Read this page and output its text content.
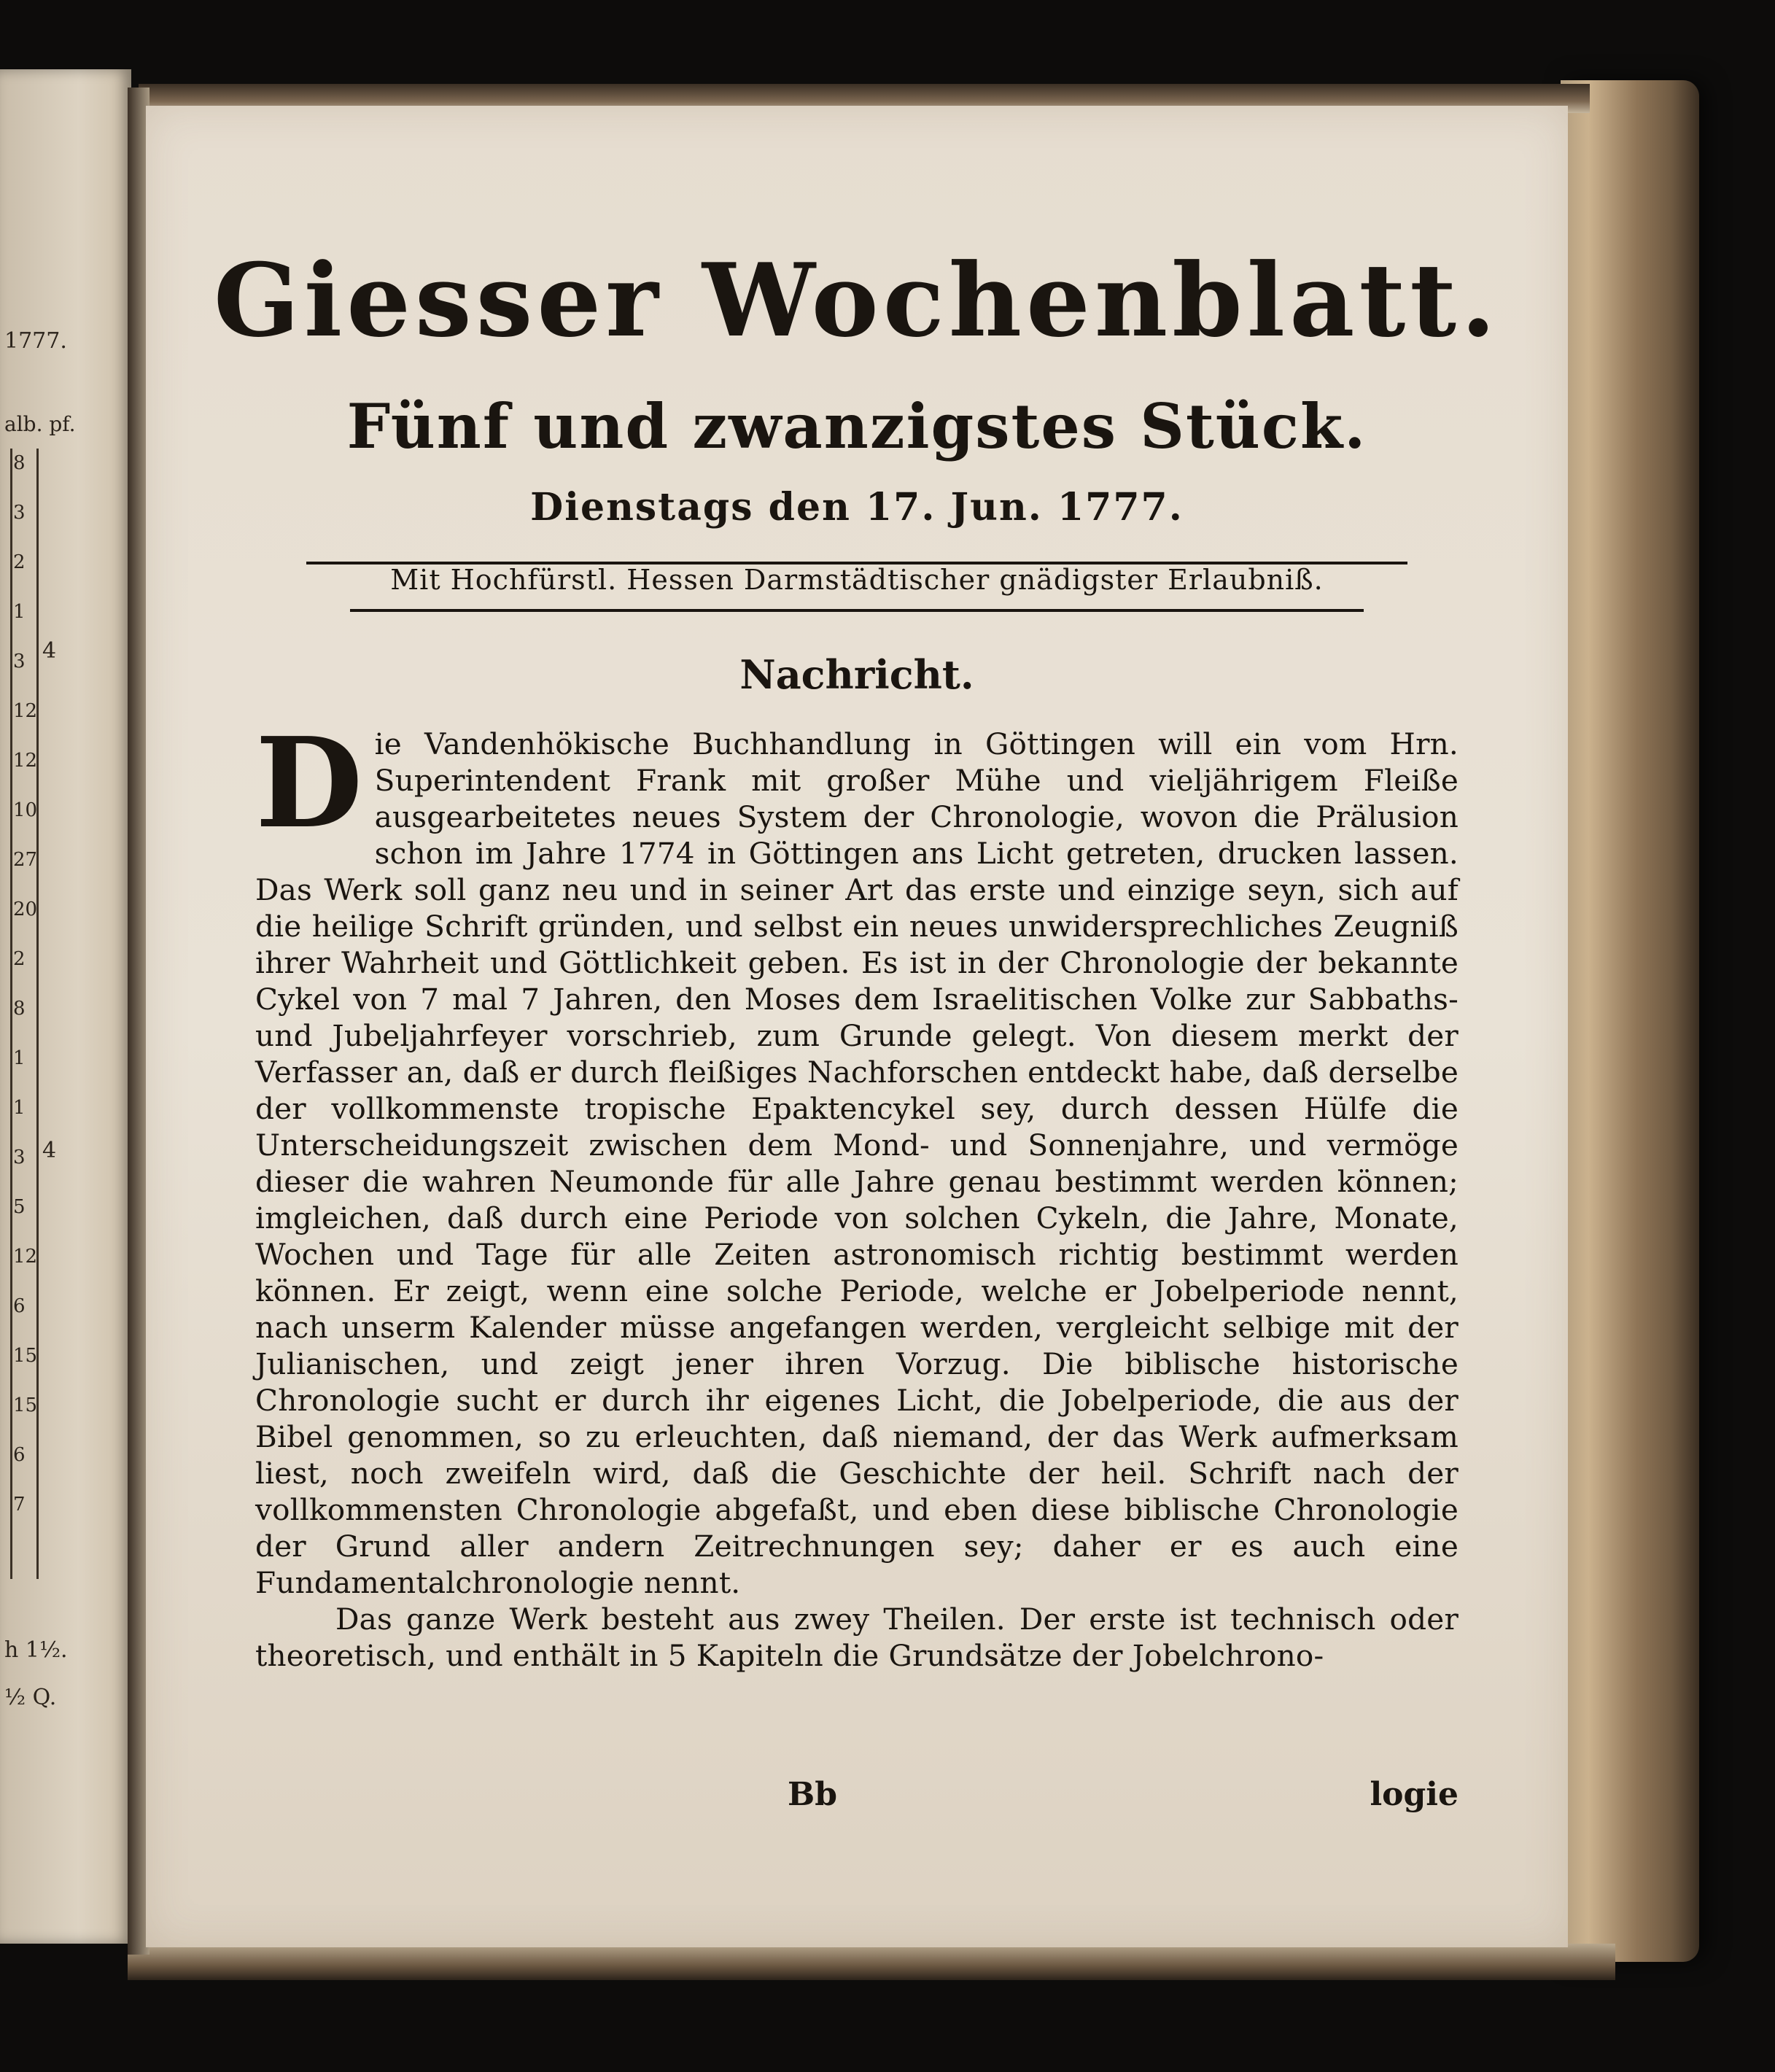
1777.
alb. pf.
8
3
2
1
3
12
12
10
27
20
2
8
1
1
3
5
12
6
15
15
6
7
4
4
h 1½.
½ Q.
Giesser Wochenblatt.
Fünf und zwanzigstes Stück.
Dienstags den 17. Jun. 1777.
Mit Hochfürstl. Hessen Darmstädtischer gnädigster Erlaubniß.
Nachricht.

Die Vandenhökische Buchhandlung in Göttingen will ein vom Hrn. Superintendent Frank mit großer Mühe und vieljährigem Fleiße ausgearbeitetes neues System der Chronologie, wovon die Prälusion schon im Jahre 1774 in Göttingen ans Licht getreten, drucken lassen. Das Werk soll ganz neu und in seiner Art das erste und einzige seyn, sich auf die heilige Schrift gründen, und selbst ein neues unwidersprechliches Zeugniß ihrer Wahrheit und Göttlichkeit geben. Es ist in der Chronologie der bekannte Cykel von 7 mal 7 Jahren, den Moses dem Israelitischen Volke zur Sabbaths- und Jubeljahrfeyer vorschrieb, zum Grunde gelegt. Von diesem merkt der Verfasser an, daß er durch fleißiges Nachforschen entdeckt habe, daß derselbe der vollkommenste tropische Epaktencykel sey, durch dessen Hülfe die Unterscheidungszeit zwischen dem Mond- und Sonnenjahre, und vermöge dieser die wahren Neumonde für alle Jahre genau bestimmt werden können; imgleichen, daß durch eine Periode von solchen Cykeln, die Jahre, Monate, Wochen und Tage für alle Zeiten astronomisch richtig bestimmt werden können. Er zeigt, wenn eine solche Periode, welche er Jobelperiode nennt, nach unserm Kalender müsse angefangen werden, vergleicht selbige mit der Julianischen, und zeigt jener ihren Vorzug. Die biblische historische Chronologie sucht er durch ihr eigenes Licht, die Jobelperiode, die aus der Bibel genommen, so zu erleuchten, daß niemand, der das Werk aufmerksam liest, noch zweifeln wird, daß die Geschichte der heil. Schrift nach der vollkommensten Chronologie abgefaßt, und eben diese biblische Chronologie der Grund aller andern Zeitrechnungen sey; daher er es auch eine Fundamentalchronologie nennt.

Das ganze Werk besteht aus zwey Theilen. Der erste ist technisch oder theoretisch, und enthält in 5 Kapiteln die Grundsätze der Jobelchrono-

Bb	logie
